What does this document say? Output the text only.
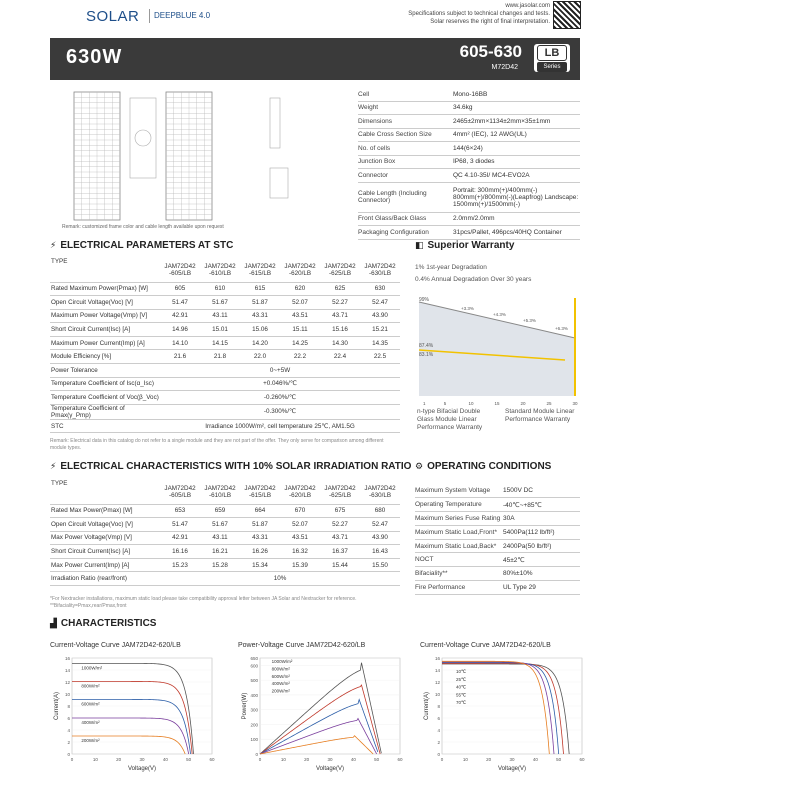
SOLAR	DEEPBLUE 4.0
www.jasolar.com
Specifications subject to technical changes and tests.
Solar reserves the right of final interpretation.
630W	605-630
M72D42
LB
Series
Remark: customized frame color and cable length available upon request
Cell	Mono-16BB
Weight	34.6kg
Dimensions	2465±2mm×1134±2mm×35±1mm
Cable Cross Section Size	4mm² (IEC), 12 AWG(UL)
No. of cells	144(6×24)
Junction Box	IP68, 3 diodes
Connector	QC 4.10-35I/ MC4-EVO2A
Cable Length (Including Connector)
Portrait: 300mm(+)/400mm(-) 800mm(+)/800mm(-)(Leapfrog) Landscape: 1500mm(+)/1500mm(-)
Front Glass/Back Glass	2.0mm/2.0mm
Packaging Configuration	31pcs/Pallet, 496pcs/40HQ Container
⚡ ELECTRICAL PARAMETERS AT STC
TYPE	JAM72D42 -605/LB	JAM72D42 -610/LB	JAM72D42 -615/LB	JAM72D42 -620/LB	JAM72D42 -625/LB	JAM72D42 -630/LB
Rated Maximum Power(Pmax) [W]	605	610	615	620	625	630
Open Circuit Voltage(Voc) [V]	51.47	51.67	51.87	52.07	52.27	52.47
Maximum Power Voltage(Vmp) [V]	42.91	43.11	43.31	43.51	43.71	43.90
Short Circuit Current(Isc) [A]	14.96	15.01	15.06	15.11	15.16	15.21
Maximum Power Current(Imp) [A]	14.10	14.15	14.20	14.25	14.30	14.35
Module Efficiency [%]	21.6	21.8	22.0	22.2	22.4	22.5
Power Tolerance	0~+5W					
Temperature Coefficient of Isc(α_Isc)	+0.046%/℃					
Temperature Coefficient of Voc(β_Voc)	-0.260%/℃					
Temperature Coefficient of Pmax(γ_Pmp)	-0.300%/℃					
STC	Irradiance 1000W/m², cell temperature 25℃, AM1.5G					
Remark: Electrical data in this catalog do not refer to a single module and they are not part of the offer. They only serve for comparison among different module types.
⚡ ELECTRICAL CHARACTERISTICS WITH 10% SOLAR IRRADIATION RATIO
TYPE	JAM72D42 -605/LB	JAM72D42 -610/LB	JAM72D42 -615/LB	JAM72D42 -620/LB	JAM72D42 -625/LB	JAM72D42 -630/LB
Rated Max Power(Pmax) [W]	653	659	664	670	675	680
Open Circuit Voltage(Voc) [V]	51.47	51.67	51.87	52.07	52.27	52.47
Max Power Voltage(Vmp) [V]	42.91	43.11	43.31	43.51	43.71	43.90
Short Circuit Current(Isc) [A]	16.16	16.21	16.26	16.32	16.37	16.43
Max Power Current(Imp) [A]	15.23	15.28	15.34	15.39	15.44	15.50
Irradiation Ratio (rear/front)	10%					
*For Nextracker installations, maximum static load please take compatibility approval letter between JA Solar and Nextracker for reference.
**Bifaciality=Pmax,rear/Pmax,front
◧ Superior Warranty
1% 1st-year Degradation
0.4% Annual Degradation Over 30 years
99%
87.4%
83.1%
+3.3%
+4.3%
+5.3%
+6.3%
1	5	10	15	20	25	30
n-type Bifacial Double Glass Module Linear Performance Warranty
Standard Module Linear Performance Warranty
⚙ OPERATING CONDITIONS
Maximum System Voltage	1500V DC
Operating Temperature	-40℃~+85℃
Maximum Series Fuse Rating	30A
Maximum Static Load,Front*	5400Pa(112 lb/ft²)
Maximum Static Load,Back*	2400Pa(50 lb/ft²)
NOCT	45±2℃
Bifaciality**	80%±10%
Fire Performance	UL Type 29
▟ CHARACTERISTICS
Current-Voltage Curve JAM72D42-620/LB
0
2
4
6
8
10
12
14
16
0	10	20	30	40	50	60
Voltage(V)
Current(A)
1000W/m²
800W/m²
600W/m²
400W/m²
200W/m²
Power-Voltage Curve JAM72D42-620/LB
0
100
200
300
400
500
600
650
0	10	20	30	40	50	60
Voltage(V)
Power(W)
1000W/m²
800W/m²
600W/m²
400W/m²
200W/m²
Current-Voltage Curve JAM72D42-620/LB
0
2
4
6
8
10
12
14
16
0	10	20	30	40	50	60
Voltage(V)
Current(A)
10℃
25℃
40℃
55℃
70℃
